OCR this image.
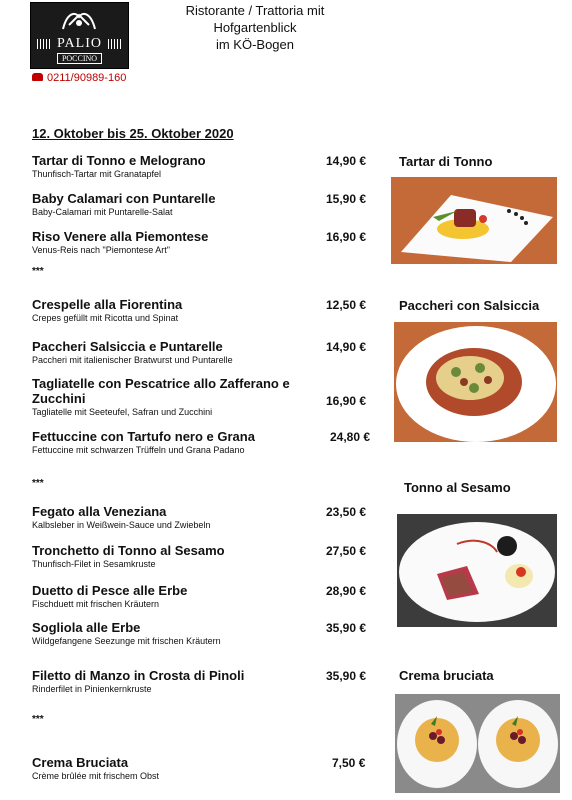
PALIO
POCCINO
0211/90989-160
Ristorante / Trattoria mit
Hofgartenblick
im KÖ-Bogen
12. Oktober bis 25. Oktober 2020
Tartar di Tonno e Melograno
Thunfisch-Tartar mit Granatapfel
14,90 €
Baby Calamari con Puntarelle
Baby-Calamari mit Puntarelle-Salat
15,90 €
Riso Venere alla Piemontese
Venus-Reis nach "Piemontese Art"
16,90 €
***
Crespelle alla Fiorentina
Crepes gefüllt mit Ricotta und Spinat
12,50 €
Paccheri Salsiccia e Puntarelle
Paccheri mit italienischer Bratwurst und Puntarelle
14,90 €
Tagliatelle con Pescatrice allo Zafferano e Zucchini
Tagliatelle mit Seeteufel, Safran und Zucchini
16,90 €
Fettuccine con Tartufo nero e Grana
Fettuccine mit schwarzen Trüffeln und Grana Padano
24,80 €
***
Fegato alla Veneziana
Kalbsleber in Weißwein-Sauce und Zwiebeln
23,50 €
Tronchetto di Tonno al Sesamo
Thunfisch-Filet in Sesamkruste
27,50 €
Duetto di Pesce alle Erbe
Fischduett mit frischen Kräutern
28,90 €
Sogliola alle Erbe
Wildgefangene Seezunge mit frischen Kräutern
35,90 €
Filetto di Manzo in Crosta di Pinoli
Rinderfilet in Pinienkernkruste
35,90 €
***
Crema Bruciata
Crème brûlée mit frischem Obst
7,50 €
Tartar di Tonno
Paccheri con Salsiccia
Tonno al Sesamo
Crema bruciata
